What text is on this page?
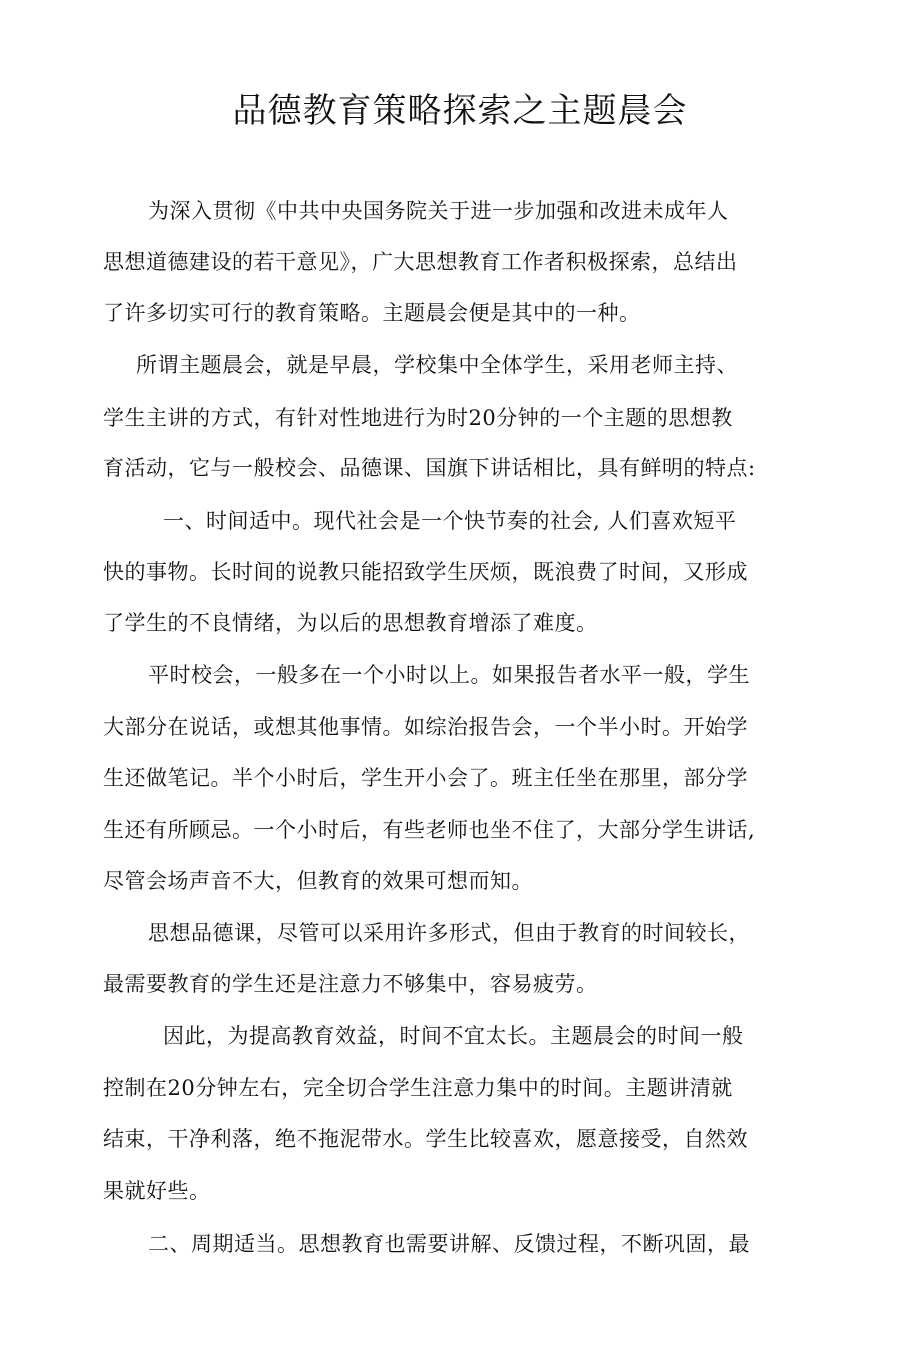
品德教育策略探索之主题晨会
为深入贯彻《中共中央国务院关于进一步加强和改进未成年人
思想道德建设的若干意见》，广大思想教育工作者积极探索，总结出
了许多切实可行的教育策略。主题晨会便是其中的一种。
所谓主题晨会，就是早晨，学校集中全体学生，采用老师主持、
学生主讲的方式，有针对性地进行为时20分钟的一个主题的思想教
育活动，它与一般校会、品德课、国旗下讲话相比，具有鲜明的特点:
一、时间适中。现代社会是一个快节奏的社会, 人们喜欢短平
快的事物。长时间的说教只能招致学生厌烦，既浪费了时间，又形成
了学生的不良情绪，为以后的思想教育增添了难度。
平时校会，一般多在一个小时以上。如果报告者水平一般，学生
大部分在说话，或想其他事情。如综治报告会，一个半小时。开始学
生还做笔记。半个小时后，学生开小会了。班主任坐在那里，部分学
生还有所顾忌。一个小时后，有些老师也坐不住了，大部分学生讲话,
尽管会场声音不大，但教育的效果可想而知。
思想品德课，尽管可以采用许多形式，但由于教育的时间较长，
最需要教育的学生还是注意力不够集中，容易疲劳。
因此，为提高教育效益，时间不宜太长。主题晨会的时间一般
控制在20分钟左右，完全切合学生注意力集中的时间。主题讲清就
结束，干净利落，绝不拖泥带水。学生比较喜欢，愿意接受，自然效
果就好些。
二、周期适当。思想教育也需要讲解、反馈过程，不断巩固，最
